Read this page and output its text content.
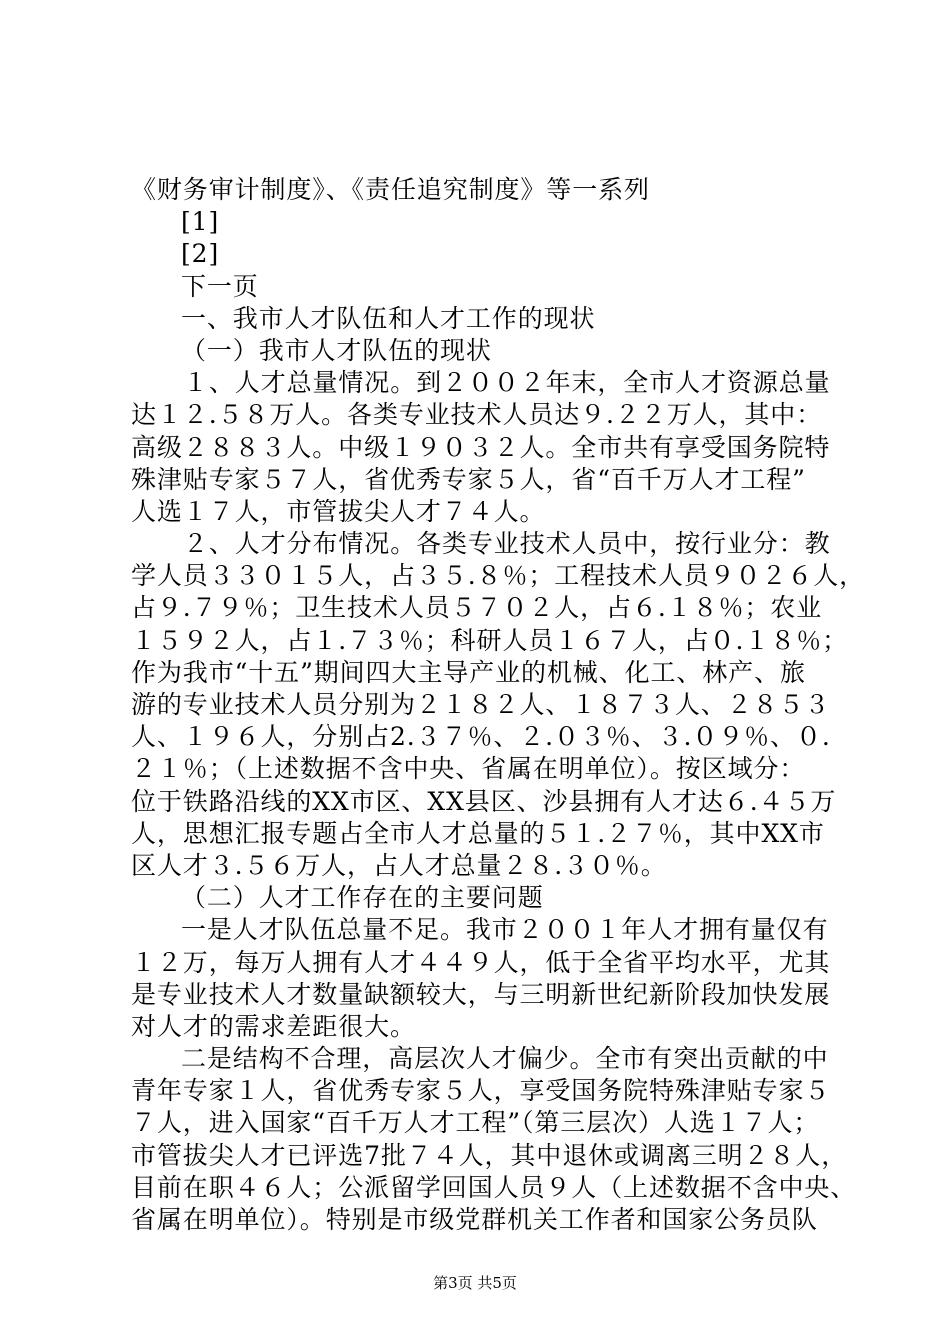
《财务审计制度》、《责任追究制度》等一系列
[1]
[2]
下一页
一、我市人才队伍和人才工作的现状
（一）我市人才队伍的现状
１、人才总量情况。到２００２年末，全市人才资源总量
达１２.５８万人。各类专业技术人员达９.２２万人，其中：
高级２８８３人。中级１９０３２人。全市共有享受国务院特
殊津贴专家５７人，省优秀专家５人，省“百千万人才工程”
人选１７人，市管拔尖人才７４人。
２、人才分布情况。各类专业技术人员中，按行业分：教
学人员３３０１５人，占３５.８％；工程技术人员９０２６人，
占９.７９％；卫生技术人员５７０２人，占６.１８％；农业
１５９２人，占１.７３％；科研人员１６７人，占０.１８％；
作为我市“十五”期间四大主导产业的机械、化工、林产、旅
游的专业技术人员分别为２１８２人、１８７３人、２８５３
人、１９６人，分别占2.３７％、２.０３％、３.０９％、０.
２１％；（上述数据不含中央、省属在明单位）。按区域分：
位于铁路沿线的XX市区、XX县区、沙县拥有人才达６.４５万
人，思想汇报专题占全市人才总量的５１.２７％，其中XX市
区人才３.５６万人，占人才总量２８.３０％。
（二）人才工作存在的主要问题
一是人才队伍总量不足。我市２００１年人才拥有量仅有
１２万，每万人拥有人才４４９人，低于全省平均水平，尤其
是专业技术人才数量缺额较大，与三明新世纪新阶段加快发展
对人才的需求差距很大。
二是结构不合理，高层次人才偏少。全市有突出贡献的中
青年专家１人，省优秀专家５人，享受国务院特殊津贴专家５
７人，进入国家“百千万人才工程”（第三层次）人选１７人；
市管拔尖人才已评选7批７４人，其中退休或调离三明２８人，
目前在职４６人；公派留学回国人员９人（上述数据不含中央、
省属在明单位）。特别是市级党群机关工作者和国家公务员队
第3页 共5页
